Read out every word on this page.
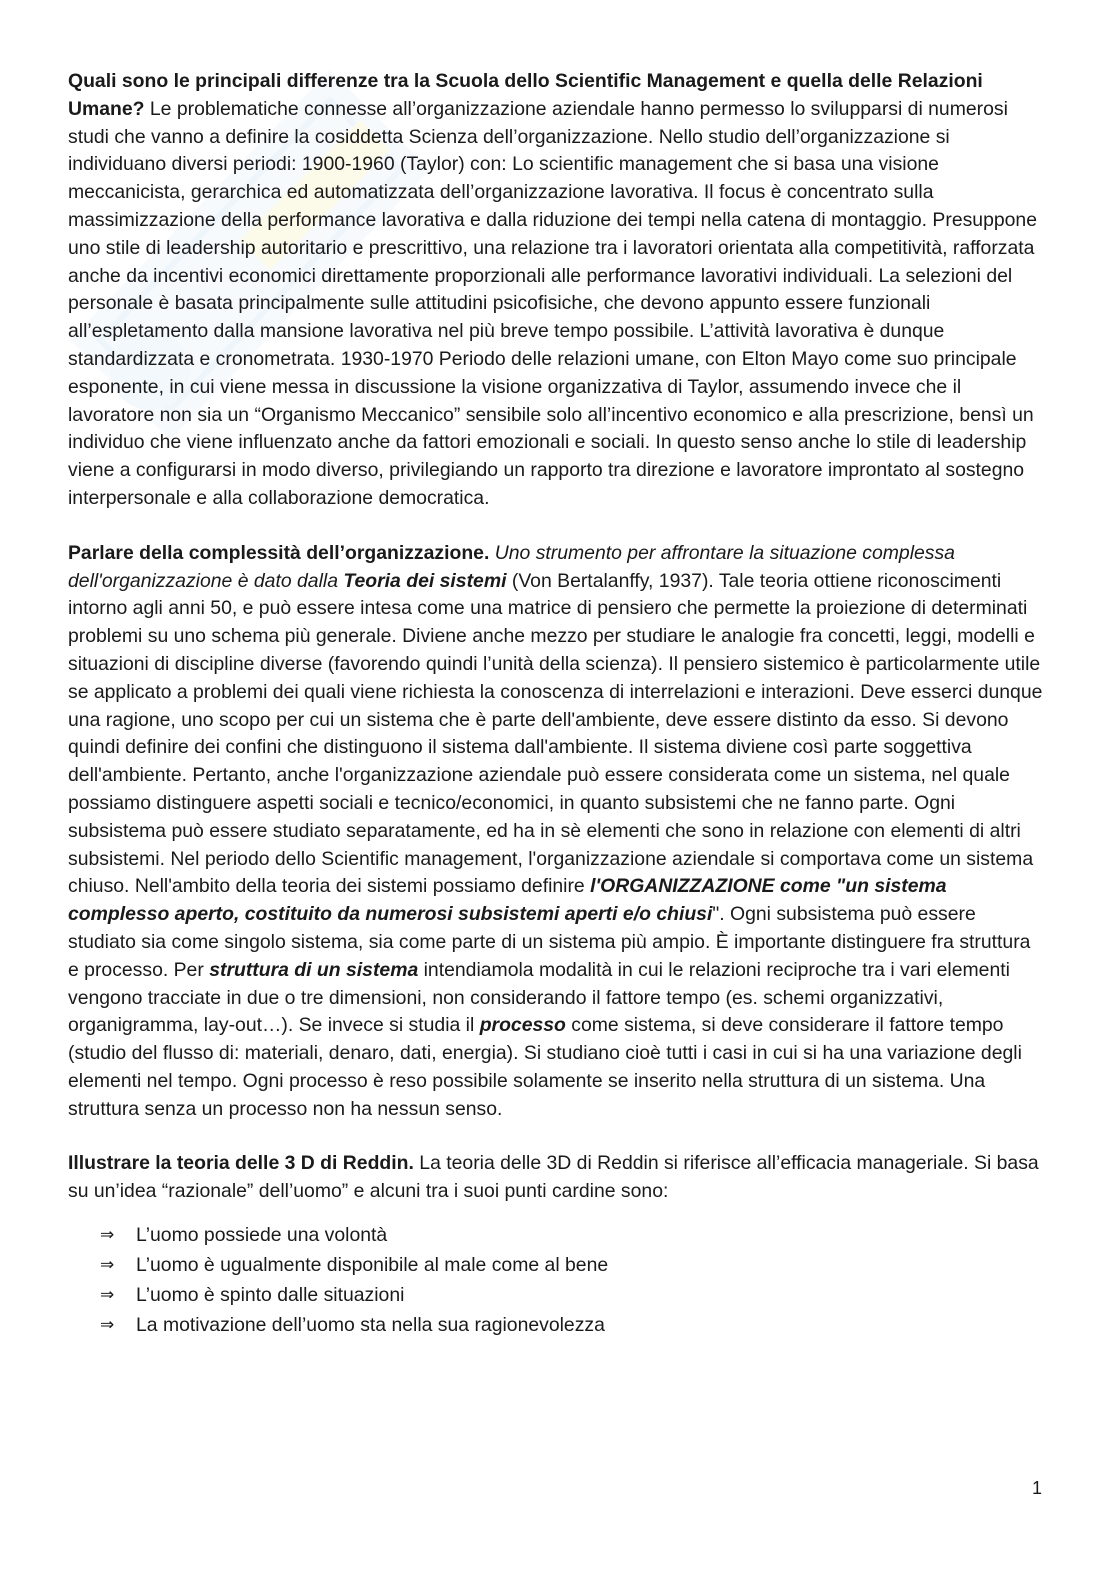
Quali sono le principali differenze tra la Scuola dello Scientific Management e quella delle Relazioni Umane? Le problematiche connesse all’organizzazione aziendale hanno permesso lo svilupparsi di numerosi studi che vanno a definire la cosiddetta Scienza dell’organizzazione. Nello studio dell’organizzazione si individuano diversi periodi: 1900-1960 (Taylor) con: Lo scientific management che si basa una visione meccanicista, gerarchica ed automatizzata dell’organizzazione lavorativa. Il focus è concentrato sulla massimizzazione della performance lavorativa e dalla riduzione dei tempi nella catena di montaggio. Presuppone uno stile di leadership autoritario e prescrittivo, una relazione tra i lavoratori orientata alla competitività, rafforzata anche da incentivi economici direttamente proporzionali alle performance lavorativi individuali. La selezioni del personale è basata principalmente sulle attitudini psicofisiche, che devono appunto essere funzionali all’espletamento dalla mansione lavorativa nel più breve tempo possibile. L’attività lavorativa è dunque standardizzata e cronometrata. 1930-1970 Periodo delle relazioni umane, con Elton Mayo come suo principale esponente, in cui viene messa in discussione la visione organizzativa di Taylor, assumendo invece che il lavoratore non sia un “Organismo Meccanico” sensibile solo all’incentivo economico e alla prescrizione, bensì un individuo che viene influenzato anche da fattori emozionali e sociali. In questo senso anche lo stile di leadership viene a configurarsi in modo diverso, privilegiando un rapporto tra direzione e lavoratore improntato al sostegno interpersonale e alla collaborazione democratica.

Parlare della complessità dell’organizzazione. Uno strumento per affrontare la situazione complessa dell'organizzazione è dato dalla Teoria dei sistemi (Von Bertalanffy, 1937). Tale teoria ottiene riconoscimenti intorno agli anni 50, e può essere intesa come una matrice di pensiero che permette la proiezione di determinati problemi su uno schema più generale. Diviene anche mezzo per studiare le analogie fra concetti, leggi, modelli e situazioni di discipline diverse (favorendo quindi l’unità della scienza). Il pensiero sistemico è particolarmente utile se applicato a problemi dei quali viene richiesta la conoscenza di interrelazioni e interazioni. Deve esserci dunque una ragione, uno scopo per cui un sistema che è parte dell'ambiente, deve essere distinto da esso. Si devono quindi definire dei confini che distinguono il sistema dall'ambiente. Il sistema diviene così parte soggettiva dell'ambiente. Pertanto, anche l'organizzazione aziendale può essere considerata come un sistema, nel quale possiamo distinguere aspetti sociali e tecnico/economici, in quanto subsistemi che ne fanno parte. Ogni subsistema può essere studiato separatamente, ed ha in sè elementi che sono in relazione con elementi di altri subsistemi. Nel periodo dello Scientific management, l'organizzazione aziendale si comportava come un sistema chiuso. Nell'ambito della teoria dei sistemi possiamo definire l'ORGANIZZAZIONE come "un sistema complesso aperto, costituito da numerosi subsistemi aperti e/o chiusi". Ogni subsistema può essere studiato sia come singolo sistema, sia come parte di un sistema più ampio. È importante distinguere fra struttura e processo. Per struttura di un sistema intendiamola modalità in cui le relazioni reciproche tra i vari elementi vengono tracciate in due o tre dimensioni, non considerando il fattore tempo (es. schemi organizzativi, organigramma, lay-out…). Se invece si studia il processo come sistema, si deve considerare il fattore tempo (studio del flusso di: materiali, denaro, dati, energia). Si studiano cioè tutti i casi in cui si ha una variazione degli elementi nel tempo. Ogni processo è reso possibile solamente se inserito nella struttura di un sistema. Una struttura senza un processo non ha nessun senso.

Illustrare la teoria delle 3 D di Reddin. La teoria delle 3D di Reddin si riferisce all’efficacia manageriale. Si basa su un’idea “razionale” dell’uomo” e alcuni tra i suoi punti cardine sono:

⇒	L’uomo possiede una volontà
⇒	L’uomo è ugualmente disponibile al male come al bene
⇒	L’uomo è spinto dalle situazioni
⇒	La motivazione dell’uomo sta nella sua ragionevolezza
1
